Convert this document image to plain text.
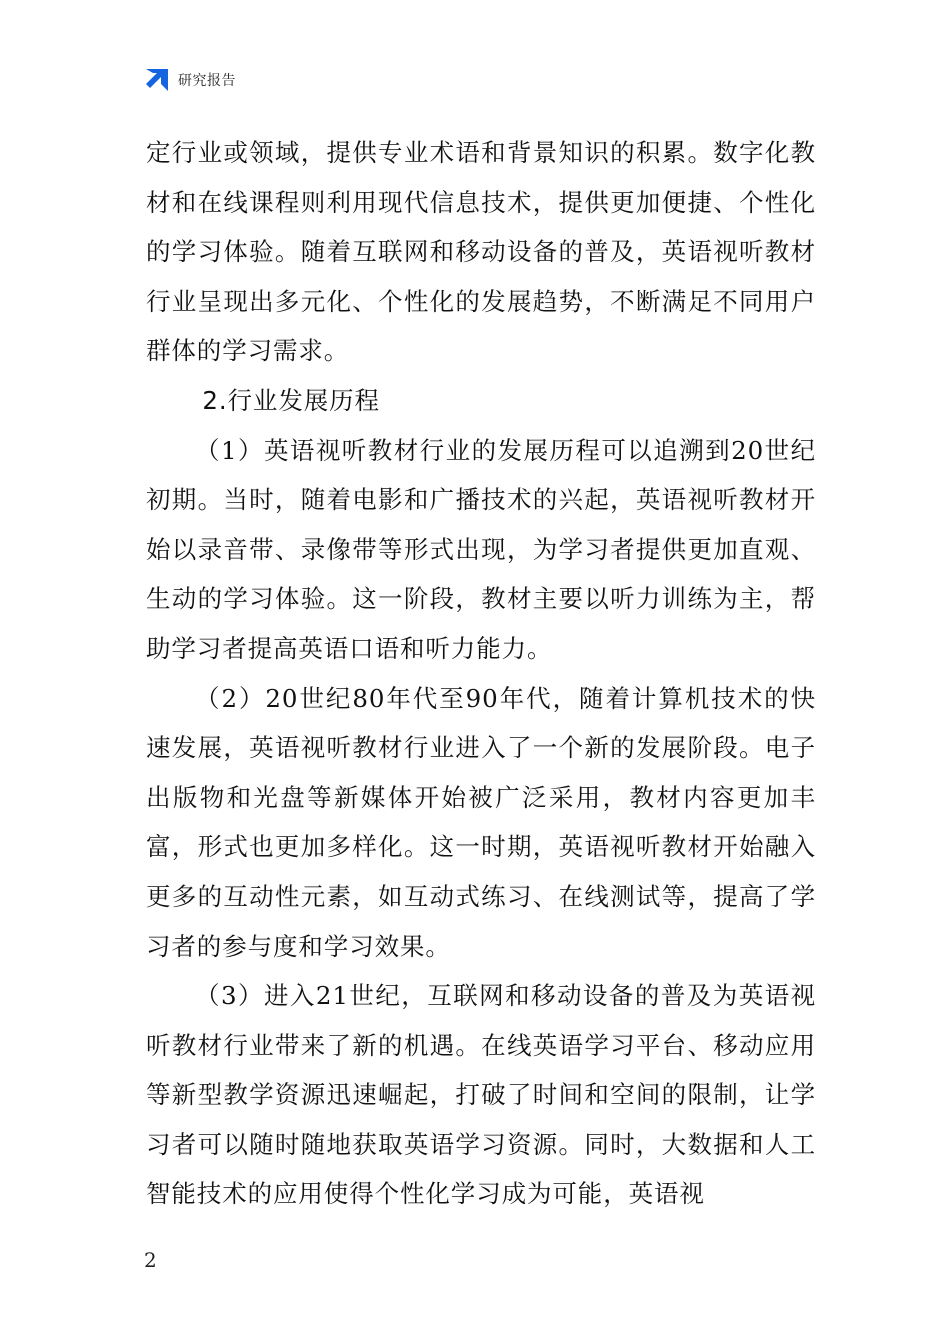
研究报告

定行业或领域，提供专业术语和背景知识的积累。数字化教材和在线课程则利用现代信息技术，提供更加便捷、个性化的学习体验。随着互联网和移动设备的普及，英语视听教材行业呈现出多元化、个性化的发展趋势，不断满足不同用户群体的学习需求。

2.行业发展历程

（1）英语视听教材行业的发展历程可以追溯到20世纪初期。当时，随着电影和广播技术的兴起，英语视听教材开始以录音带、录像带等形式出现，为学习者提供更加直观、生动的学习体验。这一阶段，教材主要以听力训练为主，帮助学习者提高英语口语和听力能力。

（2）20世纪80年代至90年代，随着计算机技术的快速发展，英语视听教材行业进入了一个新的发展阶段。电子出版物和光盘等新媒体开始被广泛采用，教材内容更加丰富，形式也更加多样化。这一时期，英语视听教材开始融入更多的互动性元素，如互动式练习、在线测试等，提高了学习者的参与度和学习效果。

（3）进入21世纪，互联网和移动设备的普及为英语视听教材行业带来了新的机遇。在线英语学习平台、移动应用等新型教学资源迅速崛起，打破了时间和空间的限制，让学习者可以随时随地获取英语学习资源。同时，大数据和人工智能技术的应用使得个性化学习成为可能，英语视

2
